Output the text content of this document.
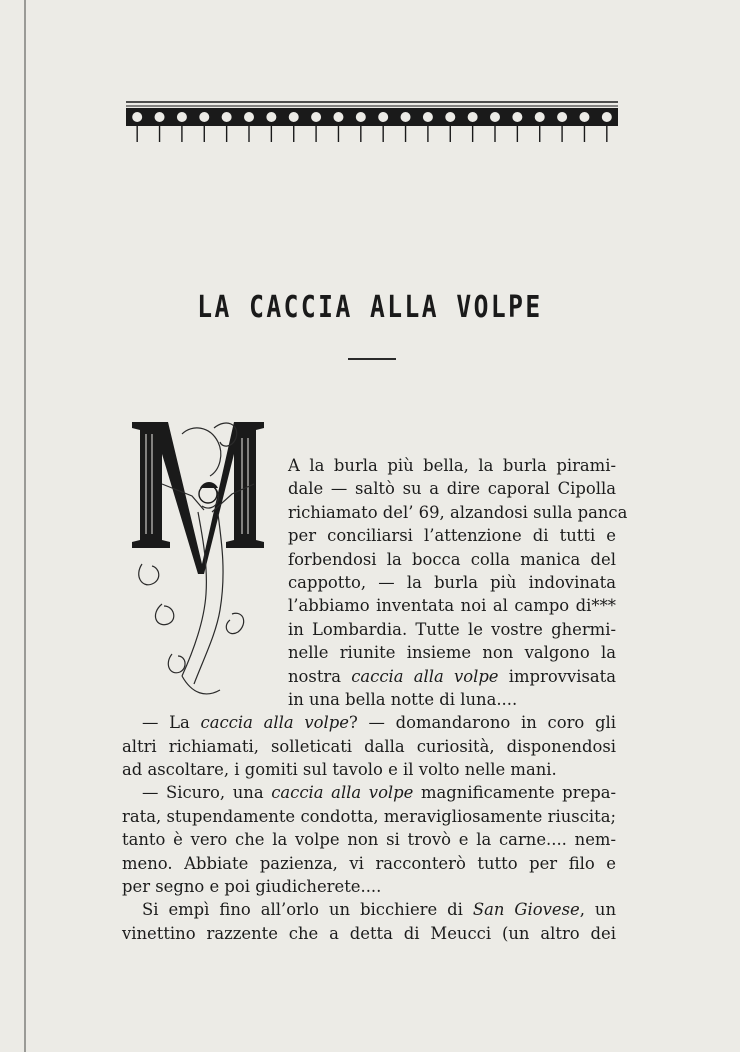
LA CACCIA ALLA VOLPE
A la burla più bella, la burla pirami-
dale — saltò su a dire caporal Cipolla
richiamato del’ 69, alzandosi sulla panca
per conciliarsi l’attenzione di tutti e
forbendosi la bocca colla manica del
cappotto, — la burla più indovinata
l’abbiamo inventata noi al campo di***
in Lombardia. Tutte le vostre ghermi-
nelle riunite insieme non valgono la
nostra caccia alla volpe improvvisata
in una bella notte di luna....
— La caccia alla volpe? — domandarono in coro gli
altri richiamati, solleticati dalla curiosità, disponendosi
ad ascoltare, i gomiti sul tavolo e il volto nelle mani.
— Sicuro, una caccia alla volpe magnificamente prepa-
rata, stupendamente condotta, meravigliosamente riuscita;
tanto è vero che la volpe non si trovò e la carne.... nem-
meno. Abbiate pazienza, vi racconterò tutto per filo e
per segno e poi giudicherete....
Si empì fino all’orlo un bicchiere di San Giovese, un
vinettino razzente che a detta di Meucci (un altro dei
